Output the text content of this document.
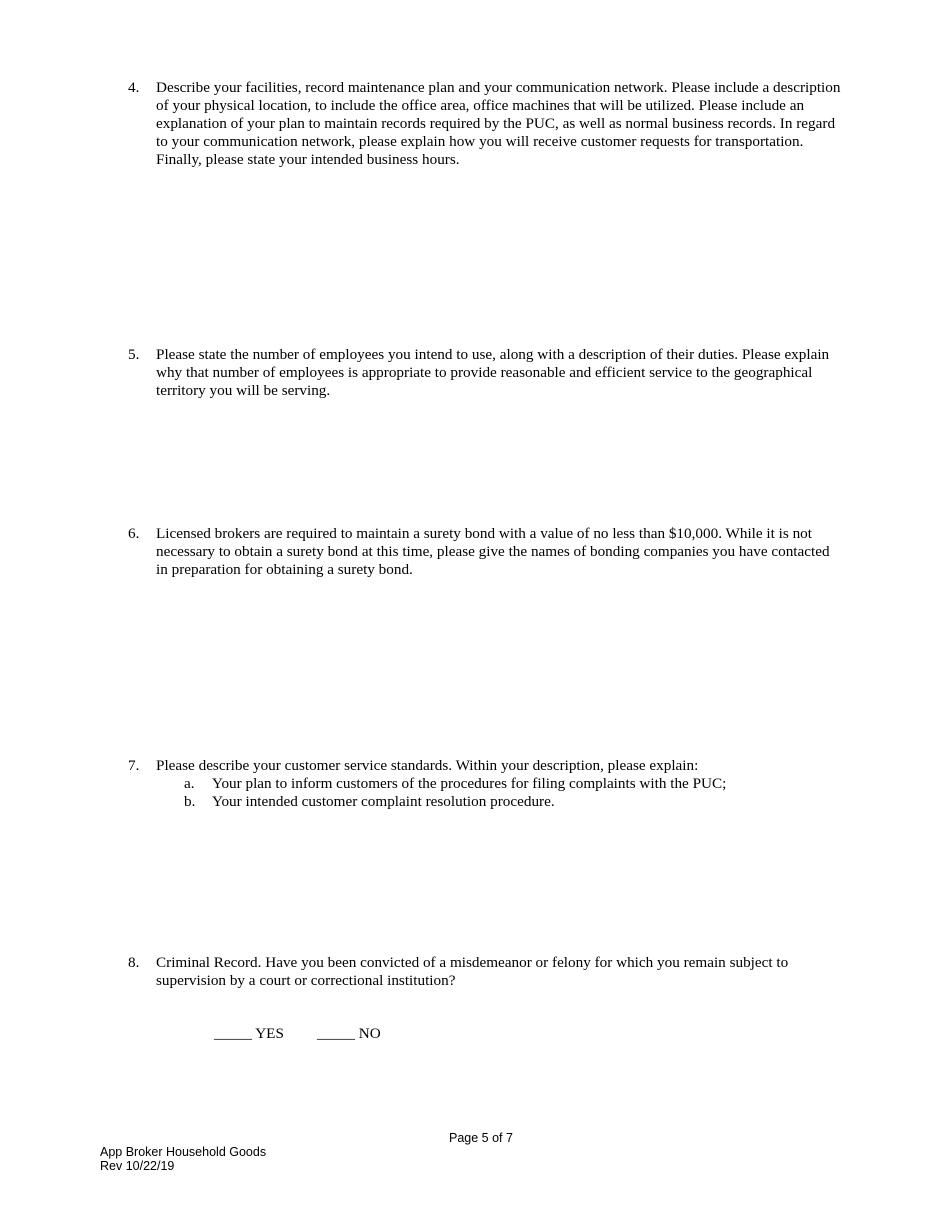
4. Describe your facilities, record maintenance plan and your communication network. Please include a description
of your physical location, to include the office area, office machines that will be utilized. Please include an
explanation of your plan to maintain records required by the PUC, as well as normal business records. In regard
to your communication network, please explain how you will receive customer requests for transportation.
Finally, please state your intended business hours.
5. Please state the number of employees you intend to use, along with a description of their duties. Please explain
why that number of employees is appropriate to provide reasonable and efficient service to the geographical
territory you will be serving.
6. Licensed brokers are required to maintain a surety bond with a value of no less than $10,000. While it is not
necessary to obtain a surety bond at this time, please give the names of bonding companies you have contacted
in preparation for obtaining a surety bond.
7. Please describe your customer service standards. Within your description, please explain:
a. Your plan to inform customers of the procedures for filing complaints with the PUC;
b. Your intended customer complaint resolution procedure.
8. Criminal Record. Have you been convicted of a misdemeanor or felony for which you remain subject to
supervision by a court or correctional institution?
_____ YES _____ NO
Page 5 of 7
App Broker Household Goods
Rev 10/22/19
